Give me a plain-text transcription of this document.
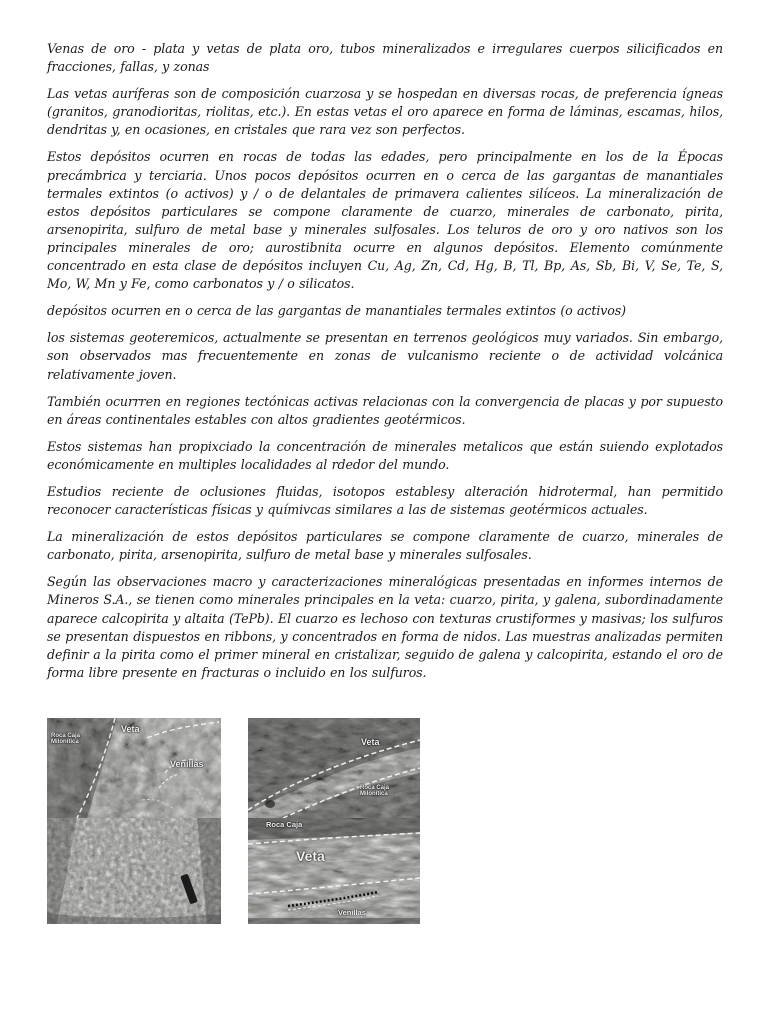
Venas de oro - plata y vetas de plata oro, tubos mineralizados e irregulares cuerpos silicificados en fracciones, fallas, y zonas

Las vetas auríferas son de composición cuarzosa y se hospedan en diversas rocas, de preferencia ígneas (granitos, granodioritas, riolitas, etc.). En estas vetas el oro aparece en forma de láminas, escamas, hilos, dendritas y, en ocasiones, en cristales que rara vez son perfectos.

Estos depósitos ocurren en rocas de todas las edades, pero principalmente en los de la Épocas precámbrica y terciaria. Unos pocos depósitos ocurren en o cerca de las gargantas de manantiales termales extintos (o activos) y / o de delantales de primavera calientes silíceos. La mineralización de estos depósitos particulares se compone claramente de cuarzo, minerales de carbonato, pirita, arsenopirita, sulfuro de metal base y minerales sulfosales. Los teluros de oro y oro nativos son los principales minerales de oro; aurostibnita ocurre en algunos depósitos. Elemento comúnmente concentrado en esta clase de depósitos incluyen Cu, Ag, Zn, Cd, Hg, B, Tl, Bp, As, Sb, Bi, V, Se, Te, S, Mo, W, Mn y Fe, como carbonatos y / o silicatos.

depósitos ocurren en o cerca de las gargantas de manantiales termales extintos (o activos)

los sistemas geoteremicos, actualmente se presentan en terrenos geológicos muy variados. Sin embargo, son observados mas frecuentemente en zonas de vulcanismo reciente o de actividad volcánica relativamente joven.

También ocurrren en regiones tectónicas activas relacionas con la convergencia de placas y por supuesto en áreas continentales estables con altos gradientes geotérmicos.

Estos sistemas han propixciado la concentración de minerales metalicos que están suiendo explotados económicamente en multiples localidades al rdedor del mundo.

Estudios reciente de oclusiones fluidas, isotopos establesy alteración hidrotermal, han permitido reconocer características físicas y químivcas similares a las de sistemas geotérmicos actuales.

La mineralización de estos depósitos particulares se compone claramente de cuarzo, minerales de carbonato, pirita, arsenopirita, sulfuro de metal base y minerales sulfosales.

Según las observaciones macro y caracterizaciones mineralógicas presentadas en informes internos de Mineros S.A., se tienen como minerales principales en la veta: cuarzo, pirita, y galena, subordinadamente aparece calcopirita y altaita (TePb). El cuarzo es lechoso con texturas crustiformes y masivas; los sulfuros se presentan dispuestos en ribbons, y concentrados en forma de nidos. Las muestras analizadas permiten definir a la pirita como el primer mineral en cristalizar, seguido de galena y calcopirita, estando el oro de forma libre presente en fracturas o incluido en los sulfuros.

Roca Caja Milonítica
Veta
Venillas
Veta
Roca Caja Milonítica
Roca Caja
Veta
Venillas
